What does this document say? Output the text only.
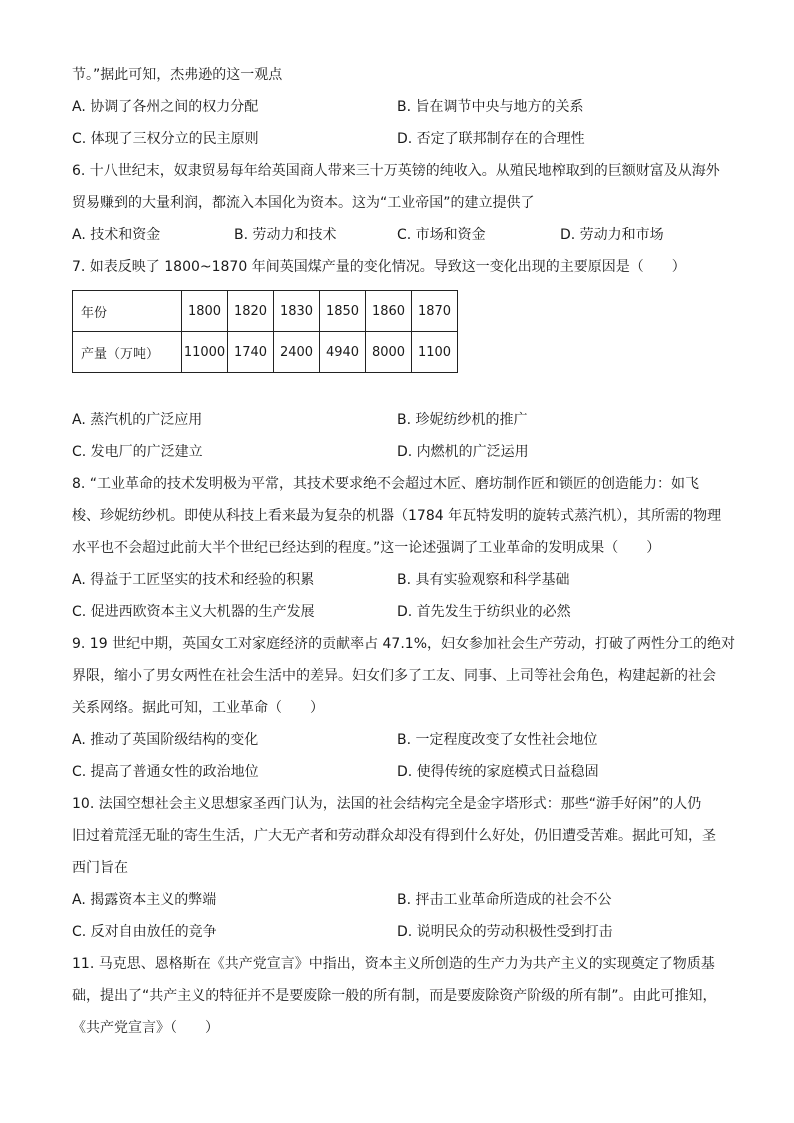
节。”据此可知，杰弗逊的这一观点

A. 协调了各州之间的权力分配	B. 旨在调节中央与地方的关系
C. 体现了三权分立的民主原则	D. 否定了联邦制存在的合理性

6. 十八世纪末，奴隶贸易每年给英国商人带来三十万英镑的纯收入。从殖民地榨取到的巨额财富及从海外

贸易赚到的大量利润，都流入本国化为资本。这为“工业帝国”的建立提供了

A. 技术和资金	B. 劳动力和技术	C. 市场和资金	D. 劳动力和市场

7. 如表反映了 1800~1870 年间英国煤产量的变化情况。导致这一变化出现的主要原因是（　　）

年份	1800	1820	1830	1850	1860	1870
产量（万吨）	11000	1740	2400	4940	8000	1100
A. 蒸汽机的广泛应用	B. 珍妮纺纱机的推广
C. 发电厂的广泛建立	D. 内燃机的广泛运用

8. “工业革命的技术发明极为平常，其技术要求绝不会超过木匠、磨坊制作匠和锁匠的创造能力：如飞

梭、珍妮纺纱机。即使从科技上看来最为复杂的机器（1784 年瓦特发明的旋转式蒸汽机），其所需的物理

水平也不会超过此前大半个世纪已经达到的程度。”这一论述强调了工业革命的发明成果（　　）

A. 得益于工匠坚实的技术和经验的积累	B. 具有实验观察和科学基础
C. 促进西欧资本主义大机器的生产发展	D. 首先发生于纺织业的必然

9. 19 世纪中期，英国女工对家庭经济的贡献率占 47.1%，妇女参加社会生产劳动，打破了两性分工的绝对

界限，缩小了男女两性在社会生活中的差异。妇女们多了工友、同事、上司等社会角色，构建起新的社会

关系网络。据此可知，工业革命（　　）

A. 推动了英国阶级结构的变化	B. 一定程度改变了女性社会地位
C. 提高了普通女性的政治地位	D. 使得传统的家庭模式日益稳固

10. 法国空想社会主义思想家圣西门认为，法国的社会结构完全是金字塔形式：那些“游手好闲”的人仍

旧过着荒淫无耻的寄生生活，广大无产者和劳动群众却没有得到什么好处，仍旧遭受苦难。据此可知，圣

西门旨在

A. 揭露资本主义的弊端	B. 抨击工业革命所造成的社会不公
C. 反对自由放任的竞争	D. 说明民众的劳动积极性受到打击

11. 马克思、恩格斯在《共产党宣言》中指出，资本主义所创造的生产力为共产主义的实现奠定了物质基

础，提出了“共产主义的特征并不是要废除一般的所有制，而是要废除资产阶级的所有制”。由此可推知，

《共产党宣言》（　　）
